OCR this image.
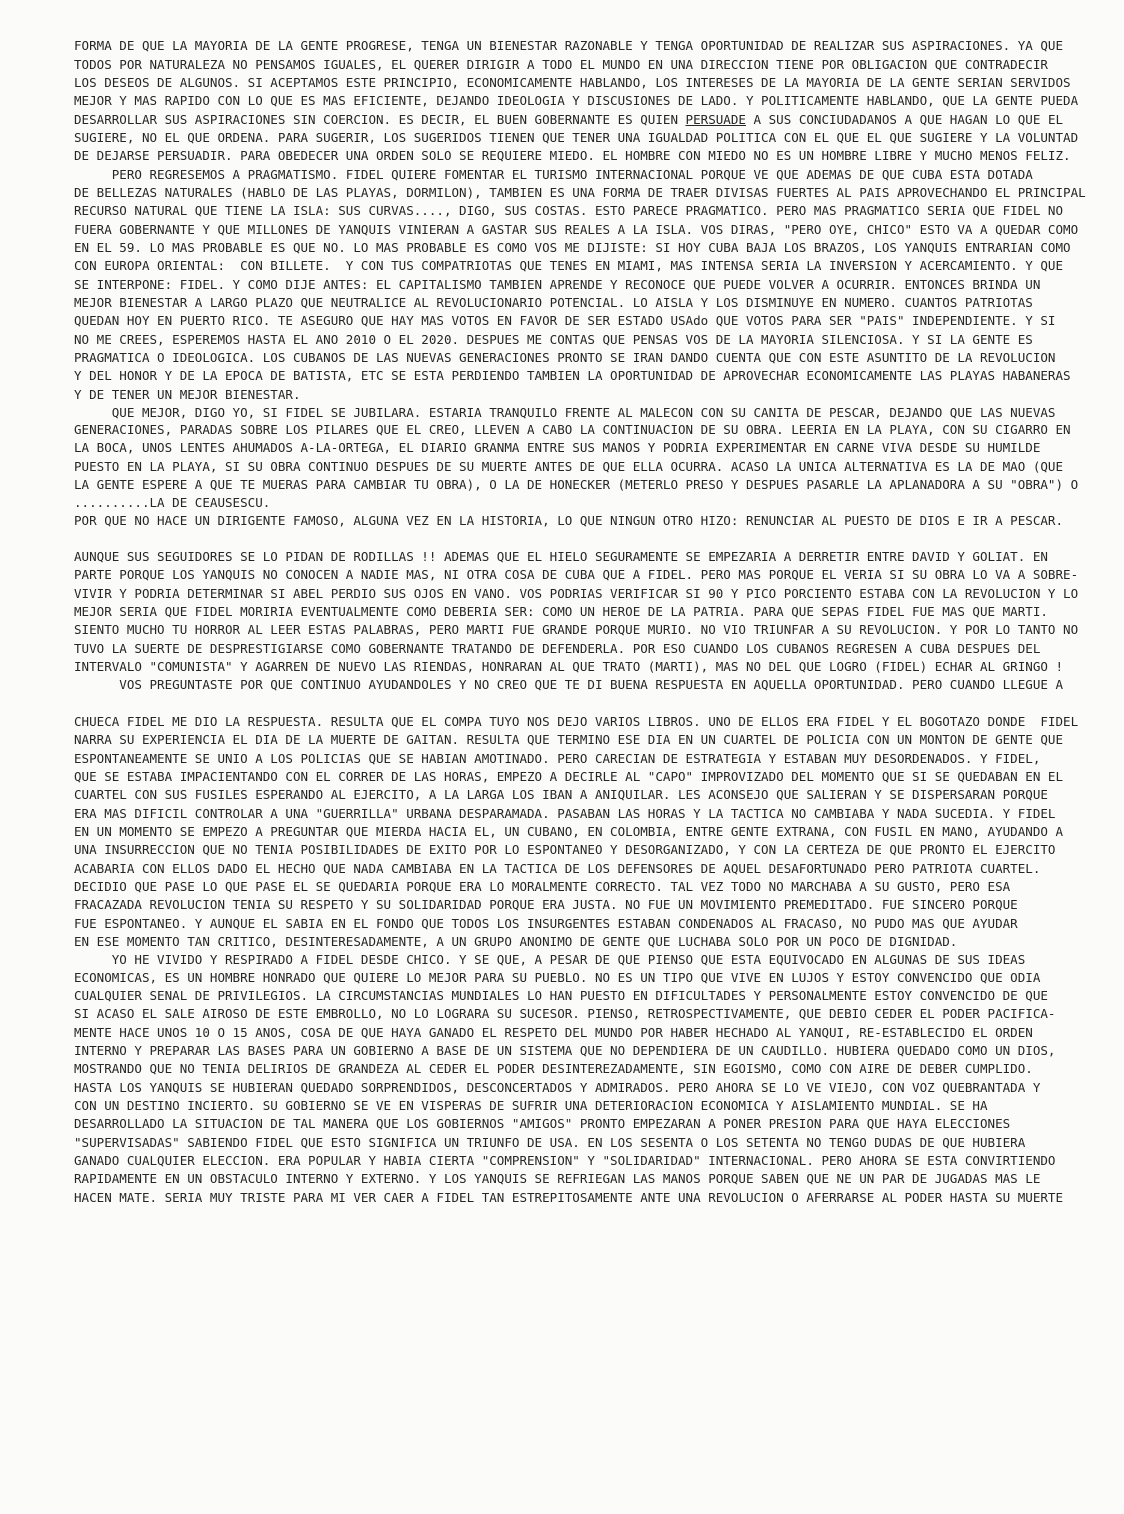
FORMA DE QUE LA MAYORIA DE LA GENTE PROGRESE, TENGA UN BIENESTAR RAZONABLE Y TENGA OPORTUNIDAD DE REALIZAR SUS ASPIRACIONES. YA QUE
TODOS POR NATURALEZA NO PENSAMOS IGUALES, EL QUERER DIRIGIR A TODO EL MUNDO EN UNA DIRECCION TIENE POR OBLIGACION QUE CONTRADECIR
LOS DESEOS DE ALGUNOS. SI ACEPTAMOS ESTE PRINCIPIO, ECONOMICAMENTE HABLANDO, LOS INTERESES DE LA MAYORIA DE LA GENTE SERIAN SERVIDOS
MEJOR Y MAS RAPIDO CON LO QUE ES MAS EFICIENTE, DEJANDO IDEOLOGIA Y DISCUSIONES DE LADO. Y POLITICAMENTE HABLANDO, QUE LA GENTE PUEDA
DESARROLLAR SUS ASPIRACIONES SIN COERCION. ES DECIR, EL BUEN GOBERNANTE ES QUIEN PERSUADE A SUS CONCIUDADANOS A QUE HAGAN LO QUE EL
SUGIERE, NO EL QUE ORDENA. PARA SUGERIR, LOS SUGERIDOS TIENEN QUE TENER UNA IGUALDAD POLITICA CON EL QUE EL QUE SUGIERE Y LA VOLUNTAD
DE DEJARSE PERSUADIR. PARA OBEDECER UNA ORDEN SOLO SE REQUIERE MIEDO. EL HOMBRE CON MIEDO NO ES UN HOMBRE LIBRE Y MUCHO MENOS FELIZ.
PERO REGRESEMOS A PRAGMATISMO. FIDEL QUIERE FOMENTAR EL TURISMO INTERNACIONAL PORQUE VE QUE ADEMAS DE QUE CUBA ESTA DOTADA
DE BELLEZAS NATURALES (HABLO DE LAS PLAYAS, DORMILON), TAMBIEN ES UNA FORMA DE TRAER DIVISAS FUERTES AL PAIS APROVECHANDO EL PRINCIPAL
RECURSO NATURAL QUE TIENE LA ISLA: SUS CURVAS...., DIGO, SUS COSTAS. ESTO PARECE PRAGMATICO. PERO MAS PRAGMATICO SERIA QUE FIDEL NO
FUERA GOBERNANTE Y QUE MILLONES DE YANQUIS VINIERAN A GASTAR SUS REALES A LA ISLA. VOS DIRAS, "PERO OYE, CHICO" ESTO VA A QUEDAR COMO
EN EL 59. LO MAS PROBABLE ES QUE NO. LO MAS PROBABLE ES COMO VOS ME DIJISTE: SI HOY CUBA BAJA LOS BRAZOS, LOS YANQUIS ENTRARIAN COMO
CON EUROPA ORIENTAL:  CON BILLETE.  Y CON TUS COMPATRIOTAS QUE TENES EN MIAMI, MAS INTENSA SERIA LA INVERSION Y ACERCAMIENTO. Y QUE
SE INTERPONE: FIDEL. Y COMO DIJE ANTES: EL CAPITALISMO TAMBIEN APRENDE Y RECONOCE QUE PUEDE VOLVER A OCURRIR. ENTONCES BRINDA UN
MEJOR BIENESTAR A LARGO PLAZO QUE NEUTRALICE AL REVOLUCIONARIO POTENCIAL. LO AISLA Y LOS DISMINUYE EN NUMERO. CUANTOS PATRIOTAS
QUEDAN HOY EN PUERTO RICO. TE ASEGURO QUE HAY MAS VOTOS EN FAVOR DE SER ESTADO USAdo QUE VOTOS PARA SER "PAIS" INDEPENDIENTE. Y SI
NO ME CREES, ESPEREMOS HASTA EL ANO 2010 O EL 2020. DESPUES ME CONTAS QUE PENSAS VOS DE LA MAYORIA SILENCIOSA. Y SI LA GENTE ES
PRAGMATICA O IDEOLOGICA. LOS CUBANOS DE LAS NUEVAS GENERACIONES PRONTO SE IRAN DANDO CUENTA QUE CON ESTE ASUNTITO DE LA REVOLUCION
Y DEL HONOR Y DE LA EPOCA DE BATISTA, ETC SE ESTA PERDIENDO TAMBIEN LA OPORTUNIDAD DE APROVECHAR ECONOMICAMENTE LAS PLAYAS HABANERAS
Y DE TENER UN MEJOR BIENESTAR.
QUE MEJOR, DIGO YO, SI FIDEL SE JUBILARA. ESTARIA TRANQUILO FRENTE AL MALECON CON SU CANITA DE PESCAR, DEJANDO QUE LAS NUEVAS
GENERACIONES, PARADAS SOBRE LOS PILARES QUE EL CREO, LLEVEN A CABO LA CONTINUACION DE SU OBRA. LEERIA EN LA PLAYA, CON SU CIGARRO EN
LA BOCA, UNOS LENTES AHUMADOS A-LA-ORTEGA, EL DIARIO GRANMA ENTRE SUS MANOS Y PODRIA EXPERIMENTAR EN CARNE VIVA DESDE SU HUMILDE
PUESTO EN LA PLAYA, SI SU OBRA CONTINUO DESPUES DE SU MUERTE ANTES DE QUE ELLA OCURRA. ACASO LA UNICA ALTERNATIVA ES LA DE MAO (QUE
LA GENTE ESPERE A QUE TE MUERAS PARA CAMBIAR TU OBRA), O LA DE HONECKER (METERLO PRESO Y DESPUES PASARLE LA APLANADORA A SU "OBRA") O
..........LA DE CEAUSESCU.
POR QUE NO HACE UN DIRIGENTE FAMOSO, ALGUNA VEZ EN LA HISTORIA, LO QUE NINGUN OTRO HIZO: RENUNCIAR AL PUESTO DE DIOS E IR A PESCAR.
AUNQUE SUS SEGUIDORES SE LO PIDAN DE RODILLAS !! ADEMAS QUE EL HIELO SEGURAMENTE SE EMPEZARIA A DERRETIR ENTRE DAVID Y GOLIAT. EN
PARTE PORQUE LOS YANQUIS NO CONOCEN A NADIE MAS, NI OTRA COSA DE CUBA QUE A FIDEL. PERO MAS PORQUE EL VERIA SI SU OBRA LO VA A SOBRE-
VIVIR Y PODRIA DETERMINAR SI ABEL PERDIO SUS OJOS EN VANO. VOS PODRIAS VERIFICAR SI 90 Y PICO PORCIENTO ESTABA CON LA REVOLUCION Y LO
MEJOR SERIA QUE FIDEL MORIRIA EVENTUALMENTE COMO DEBERIA SER: COMO UN HEROE DE LA PATRIA. PARA QUE SEPAS FIDEL FUE MAS QUE MARTI.
SIENTO MUCHO TU HORROR AL LEER ESTAS PALABRAS, PERO MARTI FUE GRANDE PORQUE MURIO. NO VIO TRIUNFAR A SU REVOLUCION. Y POR LO TANTO NO
TUVO LA SUERTE DE DESPRESTIGIARSE COMO GOBERNANTE TRATANDO DE DEFENDERLA. POR ESO CUANDO LOS CUBANOS REGRESEN A CUBA DESPUES DEL
INTERVALO "COMUNISTA" Y AGARREN DE NUEVO LAS RIENDAS, HONRARAN AL QUE TRATO (MARTI), MAS NO DEL QUE LOGRO (FIDEL) ECHAR AL GRINGO !
VOS PREGUNTASTE POR QUE CONTINUO AYUDANDOLES Y NO CREO QUE TE DI BUENA RESPUESTA EN AQUELLA OPORTUNIDAD. PERO CUANDO LLEGUE A
CHUECA FIDEL ME DIO LA RESPUESTA. RESULTA QUE EL COMPA TUYO NOS DEJO VARIOS LIBROS. UNO DE ELLOS ERA FIDEL Y EL BOGOTAZO DONDE  FIDEL
NARRA SU EXPERIENCIA EL DIA DE LA MUERTE DE GAITAN. RESULTA QUE TERMINO ESE DIA EN UN CUARTEL DE POLICIA CON UN MONTON DE GENTE QUE
ESPONTANEAMENTE SE UNIO A LOS POLICIAS QUE SE HABIAN AMOTINADO. PERO CARECIAN DE ESTRATEGIA Y ESTABAN MUY DESORDENADOS. Y FIDEL,
QUE SE ESTABA IMPACIENTANDO CON EL CORRER DE LAS HORAS, EMPEZO A DECIRLE AL "CAPO" IMPROVIZADO DEL MOMENTO QUE SI SE QUEDABAN EN EL
CUARTEL CON SUS FUSILES ESPERANDO AL EJERCITO, A LA LARGA LOS IBAN A ANIQUILAR. LES ACONSEJO QUE SALIERAN Y SE DISPERSARAN PORQUE
ERA MAS DIFICIL CONTROLAR A UNA "GUERRILLA" URBANA DESPARAMADA. PASABAN LAS HORAS Y LA TACTICA NO CAMBIABA Y NADA SUCEDIA. Y FIDEL
EN UN MOMENTO SE EMPEZO A PREGUNTAR QUE MIERDA HACIA EL, UN CUBANO, EN COLOMBIA, ENTRE GENTE EXTRANA, CON FUSIL EN MANO, AYUDANDO A
UNA INSURRECCION QUE NO TENIA POSIBILIDADES DE EXITO POR LO ESPONTANEO Y DESORGANIZADO, Y CON LA CERTEZA DE QUE PRONTO EL EJERCITO
ACABARIA CON ELLOS DADO EL HECHO QUE NADA CAMBIABA EN LA TACTICA DE LOS DEFENSORES DE AQUEL DESAFORTUNADO PERO PATRIOTA CUARTEL.
DECIDIO QUE PASE LO QUE PASE EL SE QUEDARIA PORQUE ERA LO MORALMENTE CORRECTO. TAL VEZ TODO NO MARCHABA A SU GUSTO, PERO ESA
FRACAZADA REVOLUCION TENIA SU RESPETO Y SU SOLIDARIDAD PORQUE ERA JUSTA. NO FUE UN MOVIMIENTO PREMEDITADO. FUE SINCERO PORQUE
FUE ESPONTANEO. Y AUNQUE EL SABIA EN EL FONDO QUE TODOS LOS INSURGENTES ESTABAN CONDENADOS AL FRACASO, NO PUDO MAS QUE AYUDAR
EN ESE MOMENTO TAN CRITICO, DESINTERESADAMENTE, A UN GRUPO ANONIMO DE GENTE QUE LUCHABA SOLO POR UN POCO DE DIGNIDAD.
YO HE VIVIDO Y RESPIRADO A FIDEL DESDE CHICO. Y SE QUE, A PESAR DE QUE PIENSO QUE ESTA EQUIVOCADO EN ALGUNAS DE SUS IDEAS
ECONOMICAS, ES UN HOMBRE HONRADO QUE QUIERE LO MEJOR PARA SU PUEBLO. NO ES UN TIPO QUE VIVE EN LUJOS Y ESTOY CONVENCIDO QUE ODIA
CUALQUIER SENAL DE PRIVILEGIOS. LA CIRCUMSTANCIAS MUNDIALES LO HAN PUESTO EN DIFICULTADES Y PERSONALMENTE ESTOY CONVENCIDO DE QUE
SI ACASO EL SALE AIROSO DE ESTE EMBROLLO, NO LO LOGRARA SU SUCESOR. PIENSO, RETROSPECTIVAMENTE, QUE DEBIO CEDER EL PODER PACIFICA-
MENTE HACE UNOS 10 O 15 ANOS, COSA DE QUE HAYA GANADO EL RESPETO DEL MUNDO POR HABER HECHADO AL YANQUI, RE-ESTABLECIDO EL ORDEN
INTERNO Y PREPARAR LAS BASES PARA UN GOBIERNO A BASE DE UN SISTEMA QUE NO DEPENDIERA DE UN CAUDILLO. HUBIERA QUEDADO COMO UN DIOS,
MOSTRANDO QUE NO TENIA DELIRIOS DE GRANDEZA AL CEDER EL PODER DESINTEREZADAMENTE, SIN EGOISMO, COMO CON AIRE DE DEBER CUMPLIDO.
HASTA LOS YANQUIS SE HUBIERAN QUEDADO SORPRENDIDOS, DESCONCERTADOS Y ADMIRADOS. PERO AHORA SE LO VE VIEJO, CON VOZ QUEBRANTADA Y
CON UN DESTINO INCIERTO. SU GOBIERNO SE VE EN VISPERAS DE SUFRIR UNA DETERIORACION ECONOMICA Y AISLAMIENTO MUNDIAL. SE HA
DESARROLLADO LA SITUACION DE TAL MANERA QUE LOS GOBIERNOS "AMIGOS" PRONTO EMPEZARAN A PONER PRESION PARA QUE HAYA ELECCIONES
"SUPERVISADAS" SABIENDO FIDEL QUE ESTO SIGNIFICA UN TRIUNFO DE USA. EN LOS SESENTA O LOS SETENTA NO TENGO DUDAS DE QUE HUBIERA
GANADO CUALQUIER ELECCION. ERA POPULAR Y HABIA CIERTA "COMPRENSION" Y "SOLIDARIDAD" INTERNACIONAL. PERO AHORA SE ESTA CONVIRTIENDO
RAPIDAMENTE EN UN OBSTACULO INTERNO Y EXTERNO. Y LOS YANQUIS SE REFRIEGAN LAS MANOS PORQUE SABEN QUE NE UN PAR DE JUGADAS MAS LE
HACEN MATE. SERIA MUY TRISTE PARA MI VER CAER A FIDEL TAN ESTREPITOSAMENTE ANTE UNA REVOLUCION O AFERRARSE AL PODER HASTA SU MUERTE
